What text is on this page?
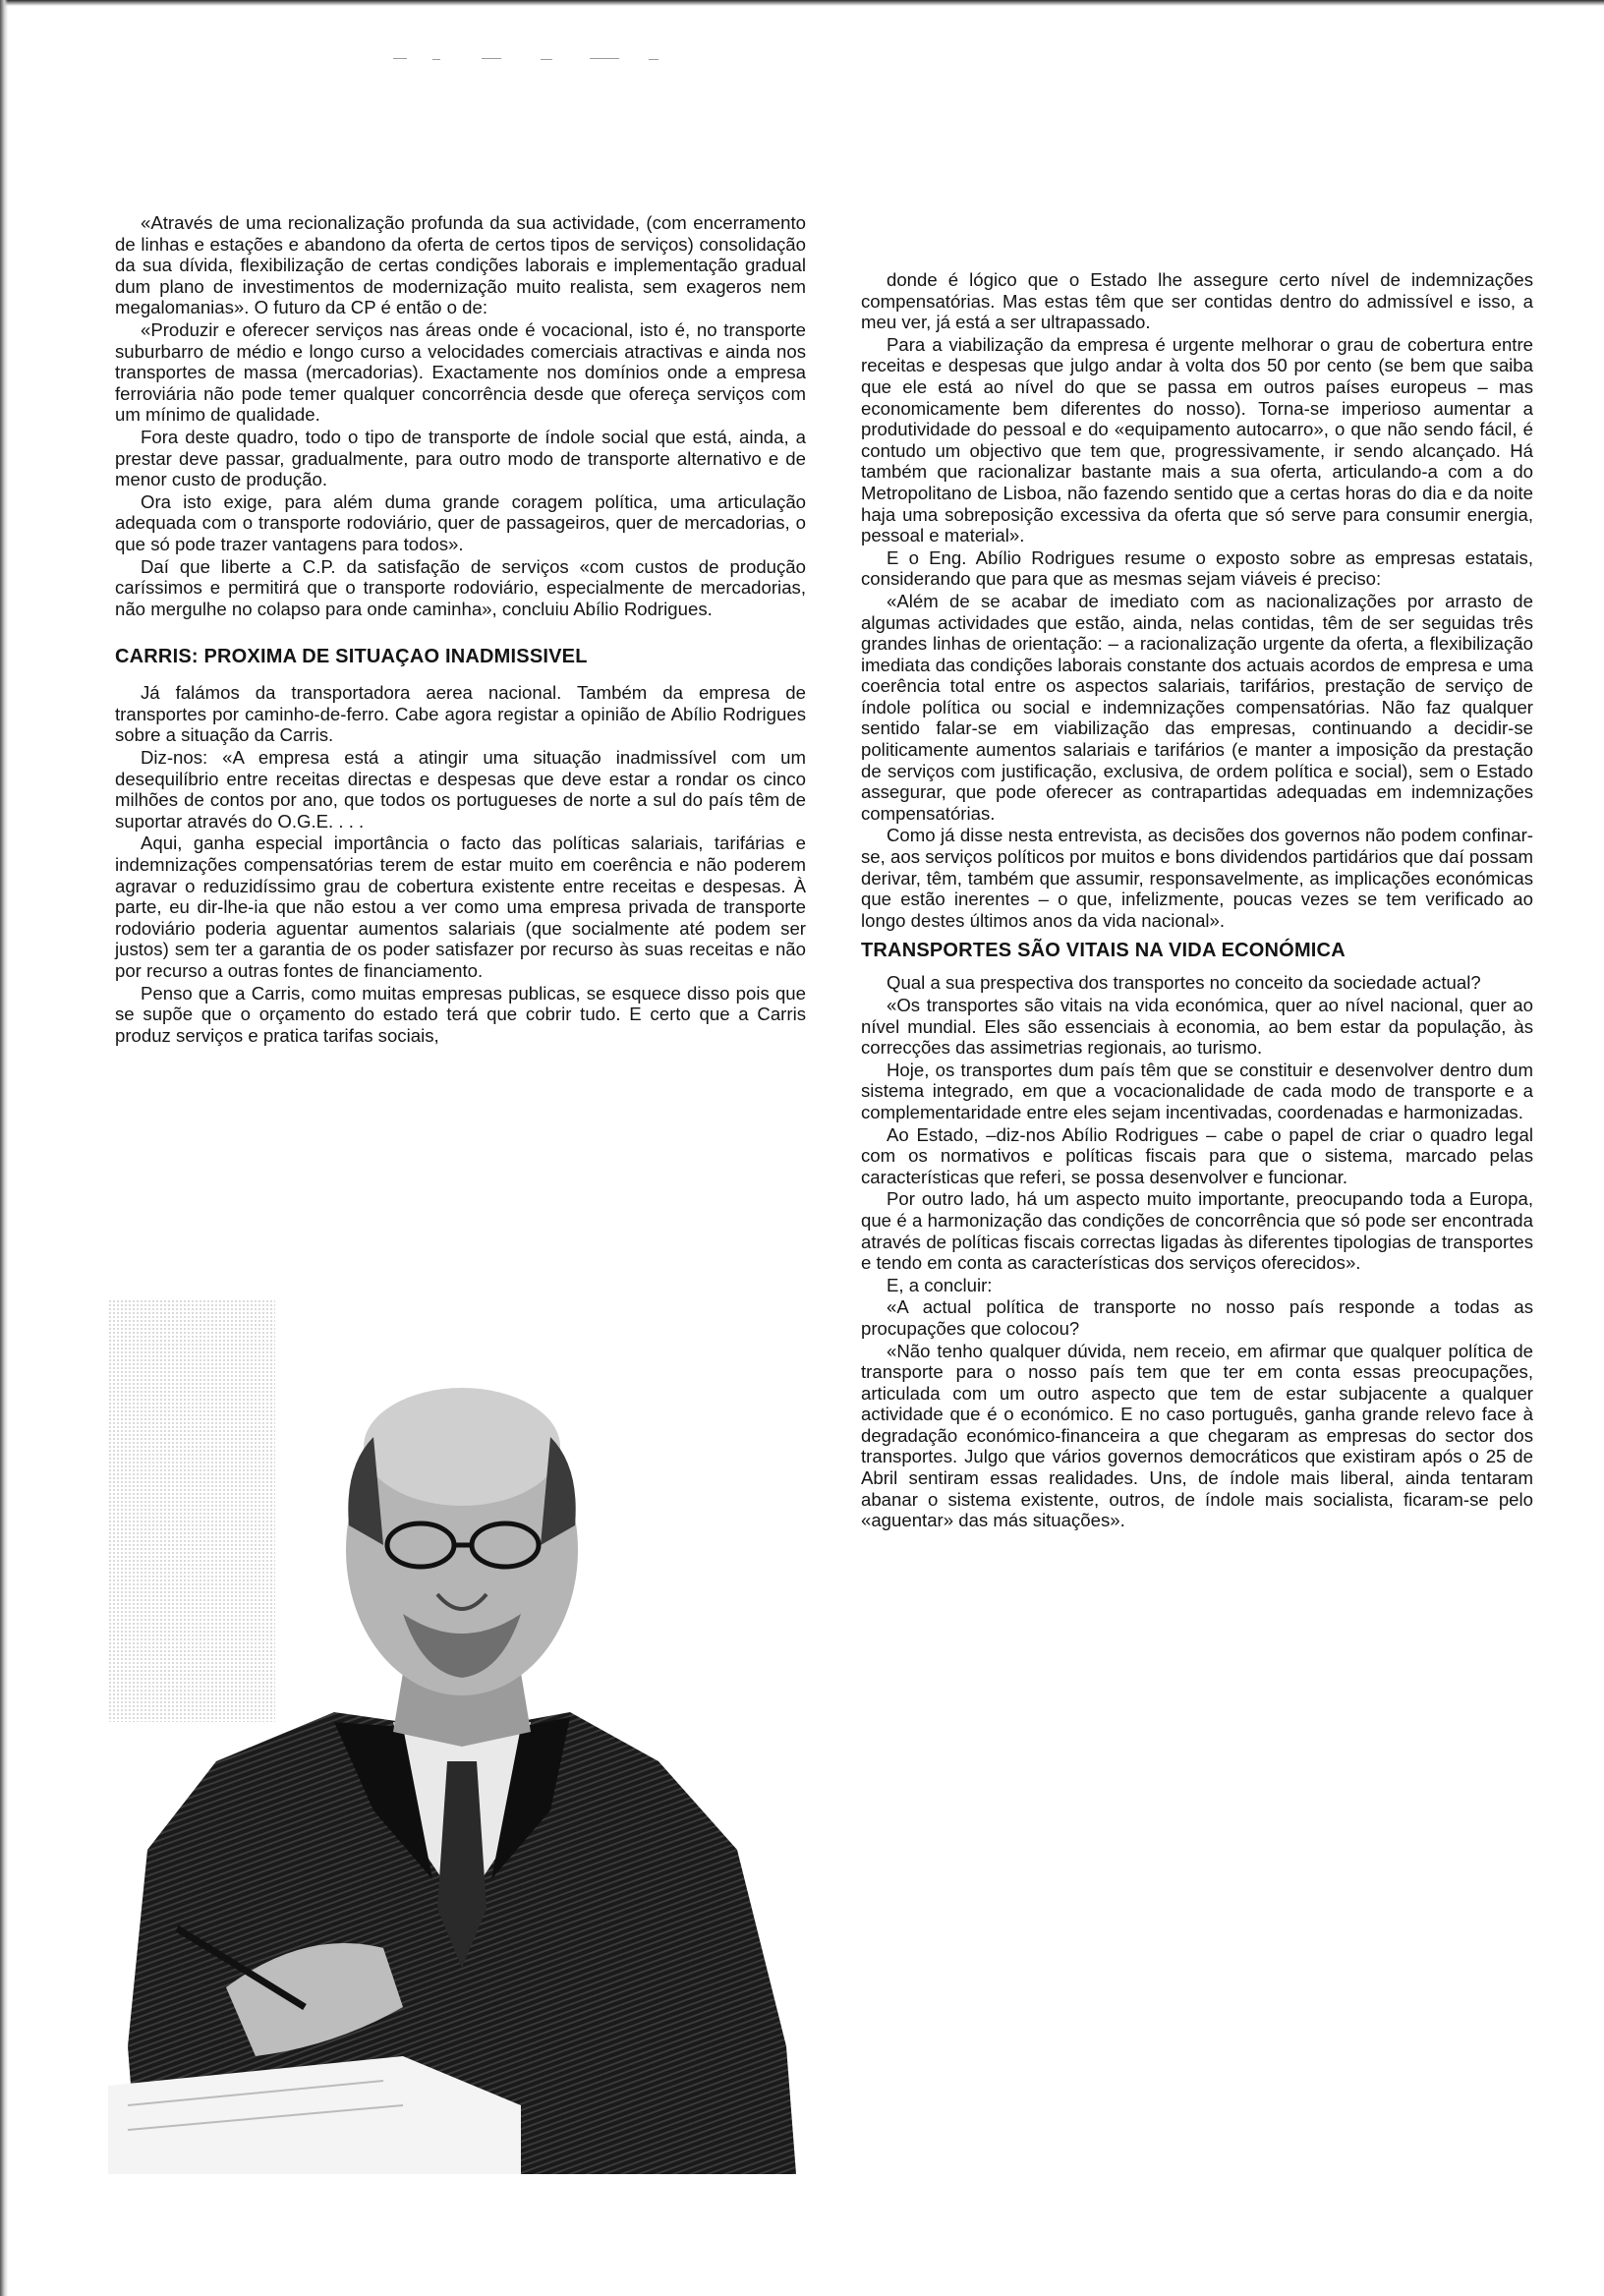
«Através de uma recionalização profunda da sua actividade, (com encerramento de linhas e estações e abandono da oferta de certos tipos de serviços) consolidação da sua dívida, flexibilização de certas condições laborais e implementação gradual dum plano de investimentos de modernização muito realista, sem exageros nem megalomanias». O futuro da CP é então o de:

«Produzir e oferecer serviços nas áreas onde é vocacional, isto é, no transporte suburbarro de médio e longo curso a velocidades comerciais atractivas e ainda nos transportes de massa (mercadorias). Exactamente nos domínios onde a empresa ferroviária não pode temer qualquer concorrência desde que ofereça serviços com um mínimo de qualidade.

Fora deste quadro, todo o tipo de transporte de índole social que está, ainda, a prestar deve passar, gradualmente, para outro modo de transporte alternativo e de menor custo de produção.

Ora isto exige, para além duma grande coragem política, uma articulação adequada com o transporte rodoviário, quer de passageiros, quer de mercadorias, o que só pode trazer vantagens para todos».

Daí que liberte a C.P. da satisfação de serviços «com custos de produção caríssimos e permitirá que o transporte rodoviário, especialmente de mercadorias, não mergulhe no colapso para onde caminha», concluiu Abílio Rodrigues.

CARRIS: PROXIMA DE SITUAÇAO INADMISSIVEL

Já falámos da transportadora aerea nacional. Também da empresa de transportes por caminho-de-ferro. Cabe agora registar a opinião de Abílio Rodrigues sobre a situação da Carris.

Diz-nos: «A empresa está a atingir uma situação inadmissível com um desequilíbrio entre receitas directas e despesas que deve estar a rondar os cinco milhões de contos por ano, que todos os portugueses de norte a sul do país têm de suportar através do O.G.E. . . .

Aqui, ganha especial importância o facto das políticas salariais, tarifárias e indemnizações compensatórias terem de estar muito em coerência e não poderem agravar o reduzidíssimo grau de cobertura existente entre receitas e despesas. À parte, eu dir-lhe-ia que não estou a ver como uma empresa privada de transporte rodoviário poderia aguentar aumentos salariais (que socialmente até podem ser justos) sem ter a garantia de os poder satisfazer por recurso às suas receitas e não por recurso a outras fontes de financiamento.

Penso que a Carris, como muitas empresas publicas, se esquece disso pois que se supõe que o orçamento do estado terá que cobrir tudo. E certo que a Carris produz serviços e pratica tarifas sociais,

donde é lógico que o Estado lhe assegure certo nível de indemnizações compensatórias. Mas estas têm que ser contidas dentro do admissível e isso, a meu ver, já está a ser ultrapassado.

Para a viabilização da empresa é urgente melhorar o grau de cobertura entre receitas e despesas que julgo andar à volta dos 50 por cento (se bem que saiba que ele está ao nível do que se passa em outros países europeus – mas economicamente bem diferentes do nosso). Torna-se imperioso aumentar a produtividade do pessoal e do «equipamento autocarro», o que não sendo fácil, é contudo um objectivo que tem que, progressivamente, ir sendo alcançado. Há também que racionalizar bastante mais a sua oferta, articulando-a com a do Metropolitano de Lisboa, não fazendo sentido que a certas horas do dia e da noite haja uma sobreposição excessiva da oferta que só serve para consumir energia, pessoal e material».

E o Eng. Abílio Rodrigues resume o exposto sobre as empresas estatais, considerando que para que as mesmas sejam viáveis é preciso:

«Além de se acabar de imediato com as nacionalizações por arrasto de algumas actividades que estão, ainda, nelas contidas, têm de ser seguidas três grandes linhas de orientação: – a racionalização urgente da oferta, a flexibilização imediata das condições laborais constante dos actuais acordos de empresa e uma coerência total entre os aspectos salariais, tarifários, prestação de serviço de índole política ou social e indemnizações compensatórias. Não faz qualquer sentido falar-se em viabilização das empresas, continuando a decidir-se politicamente aumentos salariais e tarifários (e manter a imposição da prestação de serviços com justificação, exclusiva, de ordem política e social), sem o Estado assegurar, que pode oferecer as contrapartidas adequadas em indemnizações compensatórias.

Como já disse nesta entrevista, as decisões dos governos não podem confinar-se, aos serviços políticos por muitos e bons dividendos partidários que daí possam derivar, têm, também que assumir, responsavelmente, as implicações económicas que estão inerentes – o que, infelizmente, poucas vezes se tem verificado ao longo destes últimos anos da vida nacional».

TRANSPORTES SÃO VITAIS NA VIDA ECONÓMICA

Qual a sua prespectiva dos transportes no conceito da sociedade actual?

«Os transportes são vitais na vida económica, quer ao nível nacional, quer ao nível mundial. Eles são essenciais à economia, ao bem estar da população, às correcções das assimetrias regionais, ao turismo.

Hoje, os transportes dum país têm que se constituir e desenvolver dentro dum sistema integrado, em que a vocacionalidade de cada modo de transporte e a complementaridade entre eles sejam incentivadas, coordenadas e harmonizadas.

Ao Estado, –diz-nos Abílio Rodrigues – cabe o papel de criar o quadro legal com os normativos e políticas fiscais para que o sistema, marcado pelas características que referi, se possa desenvolver e funcionar.

Por outro lado, há um aspecto muito importante, preocupando toda a Europa, que é a harmonização das condições de concorrência que só pode ser encontrada através de políticas fiscais correctas ligadas às diferentes tipologias de transportes e tendo em conta as características dos serviços oferecidos».

E, a concluir:

«A actual política de transporte no nosso país responde a todas as procupações que colocou?

«Não tenho qualquer dúvida, nem receio, em afirmar que qualquer política de transporte para o nosso país tem que ter em conta essas preocupações, articulada com um outro aspecto que tem de estar subjacente a qualquer actividade que é o económico. E no caso português, ganha grande relevo face à degradação económico-financeira a que chegaram as empresas do sector dos transportes. Julgo que vários governos democráticos que existiram após o 25 de Abril sentiram essas realidades. Uns, de índole mais liberal, ainda tentaram abanar o sistema existente, outros, de índole mais socialista, ficaram-se pelo «aguentar» das más situações».
